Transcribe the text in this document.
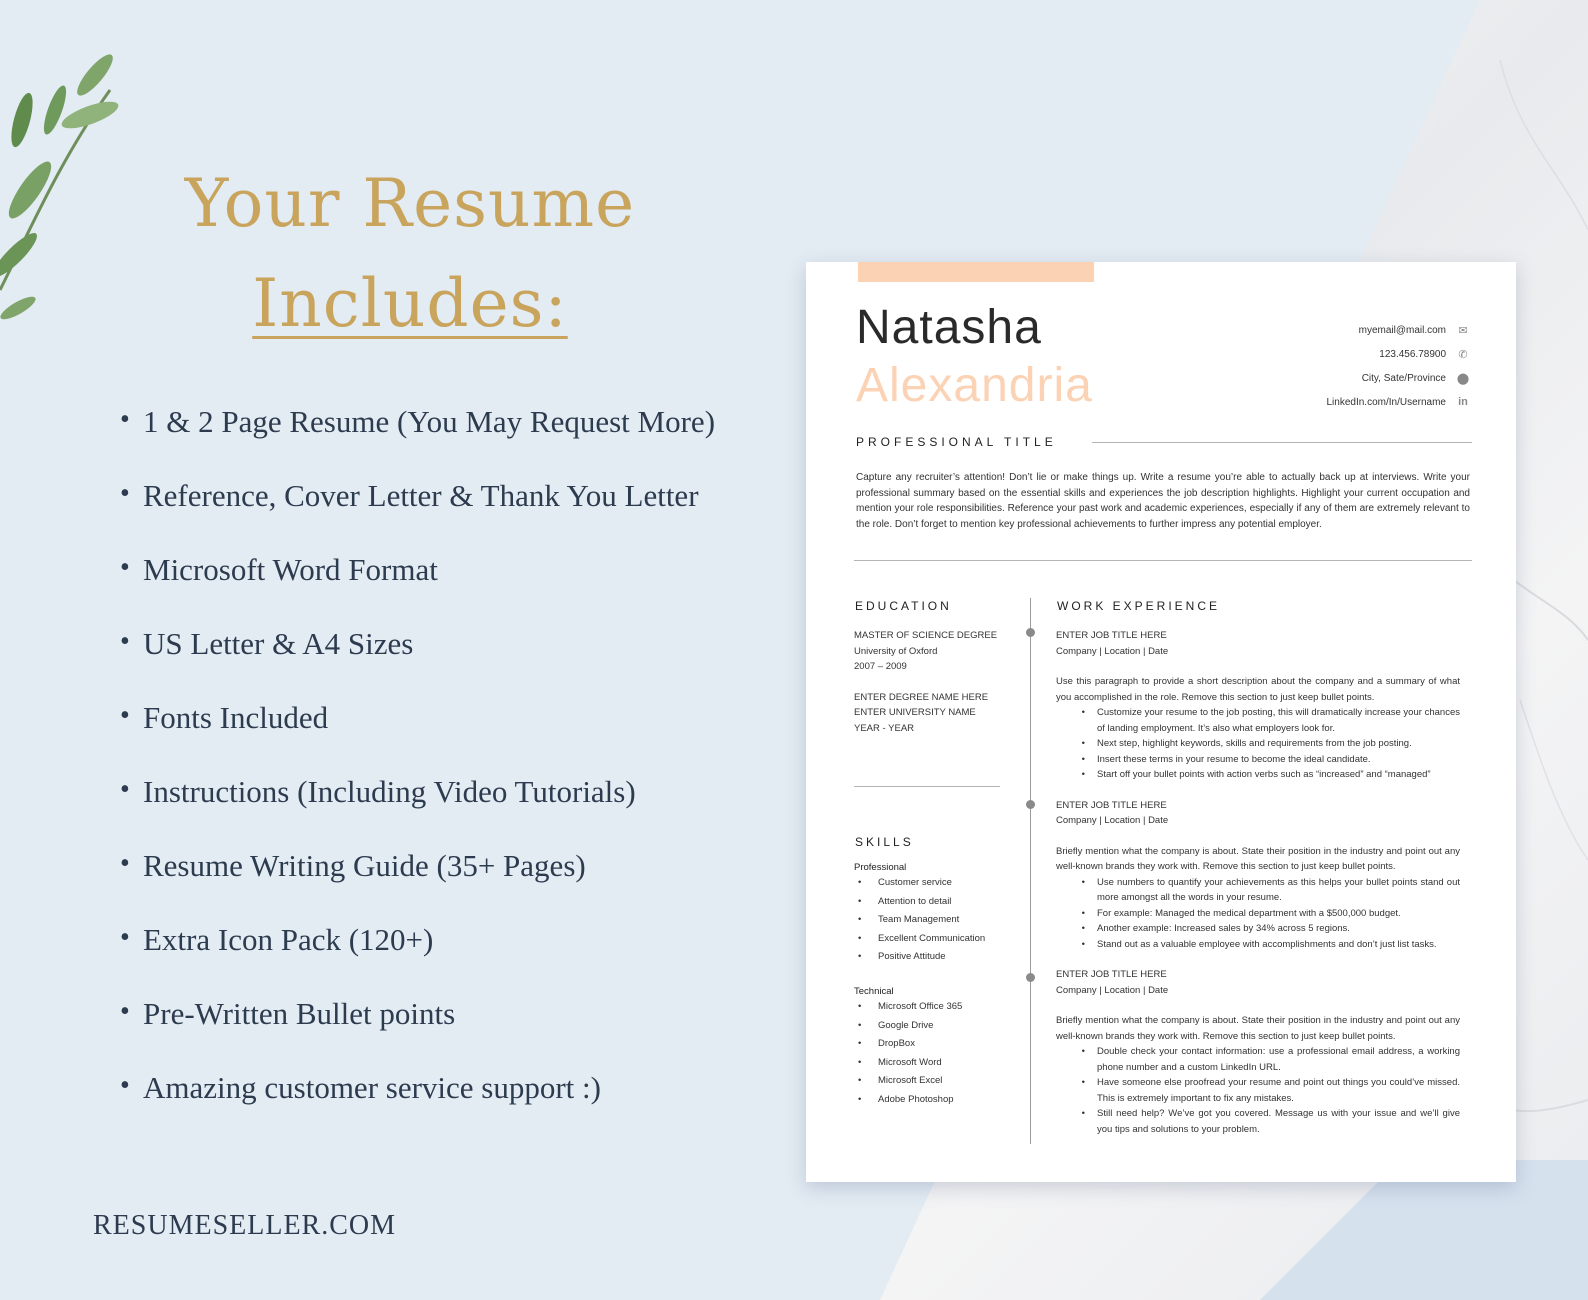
Your Resume
Includes:
• 1 & 2 Page Resume (You May Request More)
• Reference, Cover Letter & Thank You Letter
• Microsoft Word Format
• US Letter & A4 Sizes
• Fonts Included
• Instructions (Including Video Tutorials)
• Resume Writing Guide (35+ Pages)
• Extra Icon Pack (120+)
• Pre-Written Bullet points
• Amazing customer service support :)
RESUMESELLER.COM
Natasha
Alexandria
myemail@mail.com ✉
123.456.78900 ✆
City, Sate/Province ⬤
LinkedIn.com/In/Username in
PROFESSIONAL TITLE
Capture any recruiter’s attention! Don’t lie or make things up. Write a resume you’re able to actually back up at interviews. Write your professional summary based on the essential skills and experiences the job description highlights. Highlight your current occupation and mention your role responsibilities. Reference your past work and academic experiences, especially if any of them are extremely relevant to the role. Don’t forget to mention key professional achievements to further impress any potential employer.
EDUCATION
MASTER OF SCIENCE DEGREE
University of Oxford
2007 – 2009
ENTER DEGREE NAME HERE
ENTER UNIVERSITY NAME
YEAR - YEAR
SKILLS
Professional
•	Customer service
•	Attention to detail
•	Team Management
•	Excellent Communication
•	Positive Attitude
Technical
•	Microsoft Office 365
•	Google Drive
•	DropBox
•	Microsoft Word
•	Microsoft Excel
•	Adobe Photoshop
WORK EXPERIENCE
ENTER JOB TITLE HERE
Company | Location | Date
Use this paragraph to provide a short description about the company and a summary of what you accomplished in the role. Remove this section to just keep bullet points.
•	Customize your resume to the job posting, this will dramatically increase your chances of landing employment. It’s also what employers look for.
•	Next step, highlight keywords, skills and requirements from the job posting.
•	Insert these terms in your resume to become the ideal candidate.
•	Start off your bullet points with action verbs such as “increased” and “managed”
ENTER JOB TITLE HERE
Company | Location | Date
Briefly mention what the company is about. State their position in the industry and point out any well-known brands they work with. Remove this section to just keep bullet points.
•	Use numbers to quantify your achievements as this helps your bullet points stand out more amongst all the words in your resume.
•	For example: Managed the medical department with a $500,000 budget.
•	Another example: Increased sales by 34% across 5 regions.
•	Stand out as a valuable employee with accomplishments and don’t just list tasks.
ENTER JOB TITLE HERE
Company | Location | Date
Briefly mention what the company is about. State their position in the industry and point out any well-known brands they work with. Remove this section to just keep bullet points.
•	Double check your contact information: use a professional email address, a working phone number and a custom LinkedIn URL.
•	Have someone else proofread your resume and point out things you could’ve missed. This is extremely important to fix any mistakes.
•	Still need help? We’ve got you covered. Message us with your issue and we’ll give you tips and solutions to your problem.
